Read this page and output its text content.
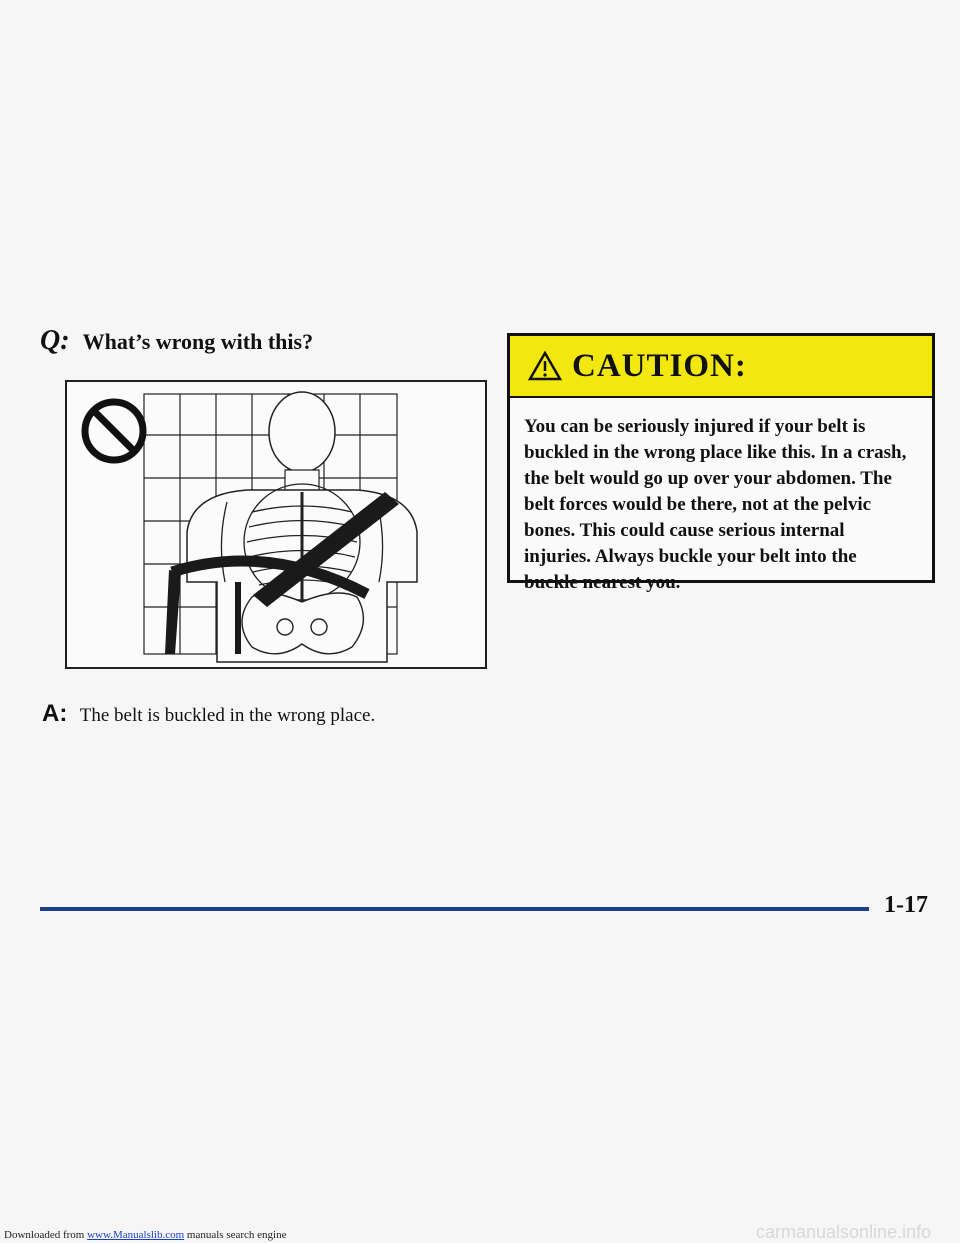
Q: What’s wrong with this?
A: The belt is buckled in the wrong place.
CAUTION:
You can be seriously injured if your belt is buckled in the wrong place like this. In a crash, the belt would go up over your abdomen. The belt forces would be there, not at the pelvic bones. This could cause serious internal injuries. Always buckle your belt into the buckle nearest you.
1-17
Downloaded from www.Manualslib.com manuals search engine	carmanualsonline.info
